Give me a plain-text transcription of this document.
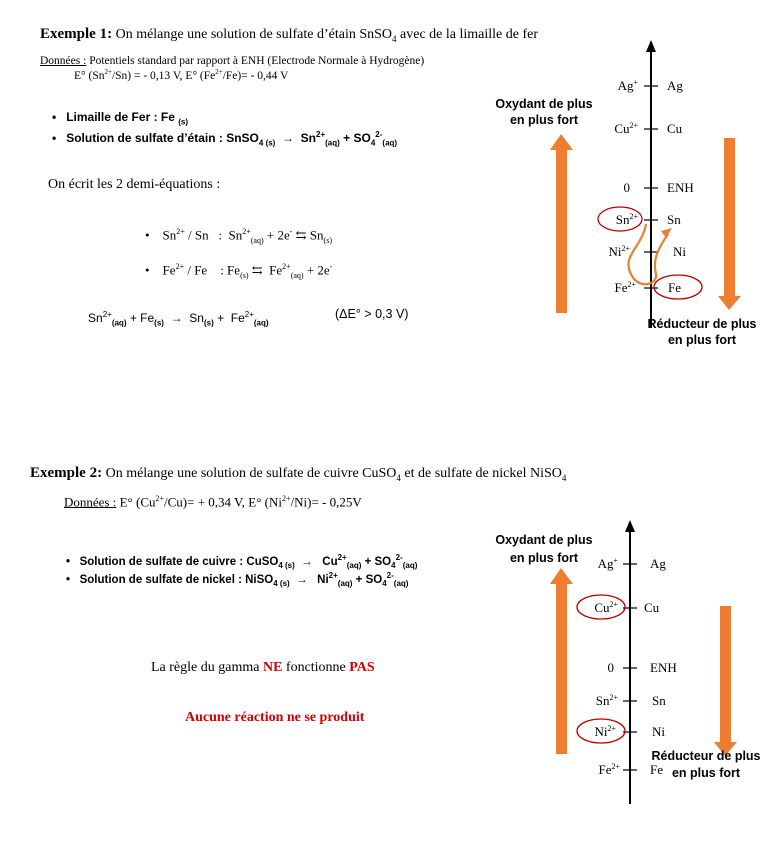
Exemple 1: On mélange une solution de sulfate d’étain SnSO$_4$ avec de la limaille de fer
Données : Potentiels standard par rapport à ENH (Electrode Normale à Hydrogène)
E° $(Sn^{2+}/Sn)$ = - 0,13 V, E° $(Fe^{2+}/Fe)= - 0,44$ V
•   Limaille de Fer : Fe $_{(s)}$
•   Solution de sulfate d’étain : SnSO$_{4 (s)}$  →  $Sn^{2+}_{(aq)} + SO_4^{2-}_{(aq)}$
On écrit les 2 demi-équations :
•    $Sn^{2+}$ / Sn   :  $Sn^{2+}_{(aq)} + 2e^-$ ⇆ $Sn_{(s)}$
•    $Fe^{2+}$ / Fe    : $Fe_{(s)}$ ⇆  $Fe^{2+}_{(aq)} + 2e^-$
$Sn^{2+}_{(aq)} + Fe_{(s)} \to Sn_{(s)} + Fe^{2+}_{(aq)}$
(ΔE° > 0,3 V)
Oxydant de plus
en plus fort
Réducteur de plus
en plus fort
Ag+ Ag
$Cu^{2+}$ Cu
0	ENH
$Sn^{2+}$ Sn
$Ni^{2+}$	Ni
$Fe^{2+}$ Fe
Exemple 2: On mélange une solution de sulfate de cuivre CuSO$_4$ et de sulfate de nickel NiSO$_4$
Données : E° $(Cu^{2+}/Cu)= + 0,34$ V, E° $(Ni^{2+}/Ni)= - 0,25V$
•   Solution de sulfate de cuivre : CuSO$_{4 (s)}$  →   $Cu^{2+}_{(aq)} + SO_4^{2-}_{(aq)}$
•   Solution de sulfate de nickel : NiSO$_{4 (s)}$  →   $Ni^{2+}_{(aq)} + SO_4^{2-}_{(aq)}$
La règle du gamma NE fonctionne PAS
Aucune réaction ne se produit
Oxydant de plus
en plus fort
Réducteur de plus
en plus fort
Ag+ Ag
$Cu^{2+}$ Cu
0	ENH
$Sn^{2+}$	Sn
$Ni^{2+}$	Ni
$Fe^{2+}$ Fe
